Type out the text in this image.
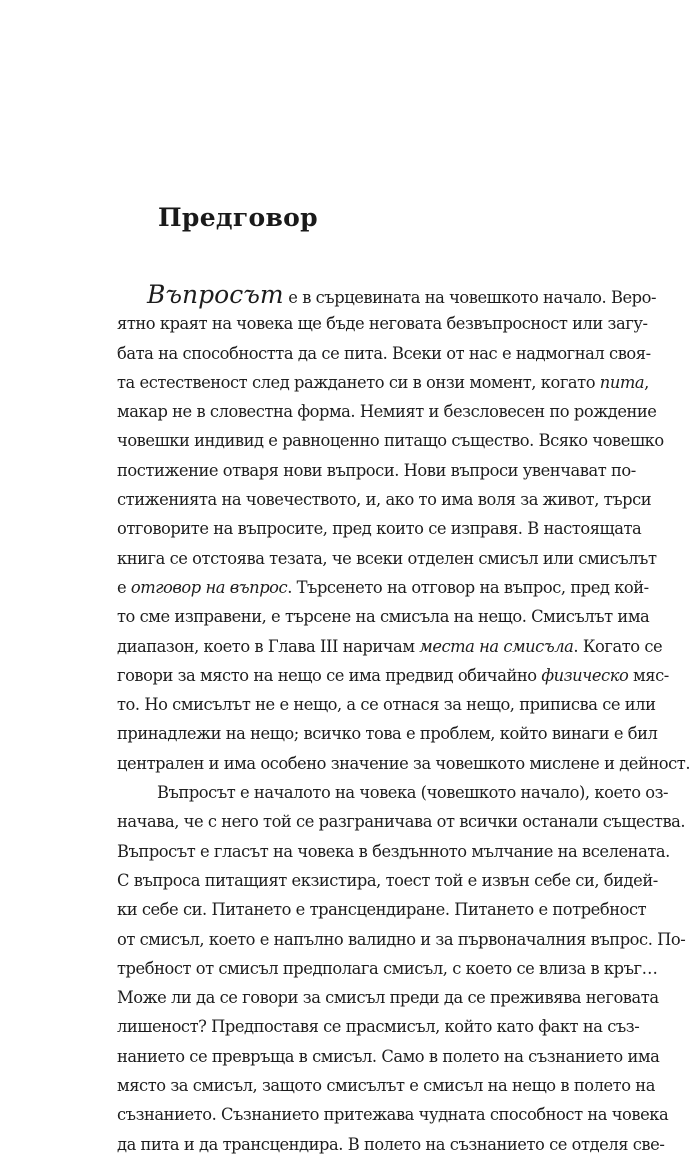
Предговор
Въпросът е в сърцевината на човешкото начало. Веро-
ятно краят на човека ще бъде неговата безвъпросност или загу-
бата на способността да се пита. Всеки от нас е надмогнал своя-
та естественост след раждането си в онзи момент, когато пита,
макар не в словестна форма. Немият и безсловесен по рождение
човешки индивид е равноценно питащо същество. Всяко човешко
постижение отваря нови въпроси. Нови въпроси увенчават по-
стиженията на човечеството, и, ако то има воля за живот, търси
отговорите на въпросите, пред които се изправя. В настоящата
книга се отстоява тезата, че всеки отделен смисъл или смисълът
е отговор на въпрос. Търсенето на отговор на въпрос, пред кой-
то сме изправени, е търсене на смисъла на нещо. Смисълът има
диапазон, което в Глава III наричам места на смисъла. Когато се
говори за място на нещо се има предвид обичайно физическо мяс-
то. Но смисълът не е нещо, а се отнася за нещо, приписва се или
принадлежи на нещо; всичко това е проблем, който винаги е бил
централен и има особено значение за човешкото мислене и дейност.
Въпросът е началото на човека (човешкото начало), което оз-
начава, че с него той се разграничава от всички останали същества.
Въпросът е гласът на човека в бездънното мълчание на вселената.
С въпроса питащият екзистира, тоест той е извън себе си, бидей-
ки себе си. Питането е трансцендиране. Питането е потребност
от смисъл, което е напълно валидно и за първоначалния въпрос. По-
требност от смисъл предполага смисъл, с което се влиза в кръг…
Може ли да се говори за смисъл преди да се преживява неговата
лишеност? Предпоставя се прасмисъл, който като факт на съз-
нанието се превръща в смисъл. Само в полето на съзнанието има
място за смисъл, защото смисълът е смисъл на нещо в полето на
съзнанието. Съзнанието притежава чудната способност на човека
да пита и да трансцендира. В полето на съзнанието се отделя све-
